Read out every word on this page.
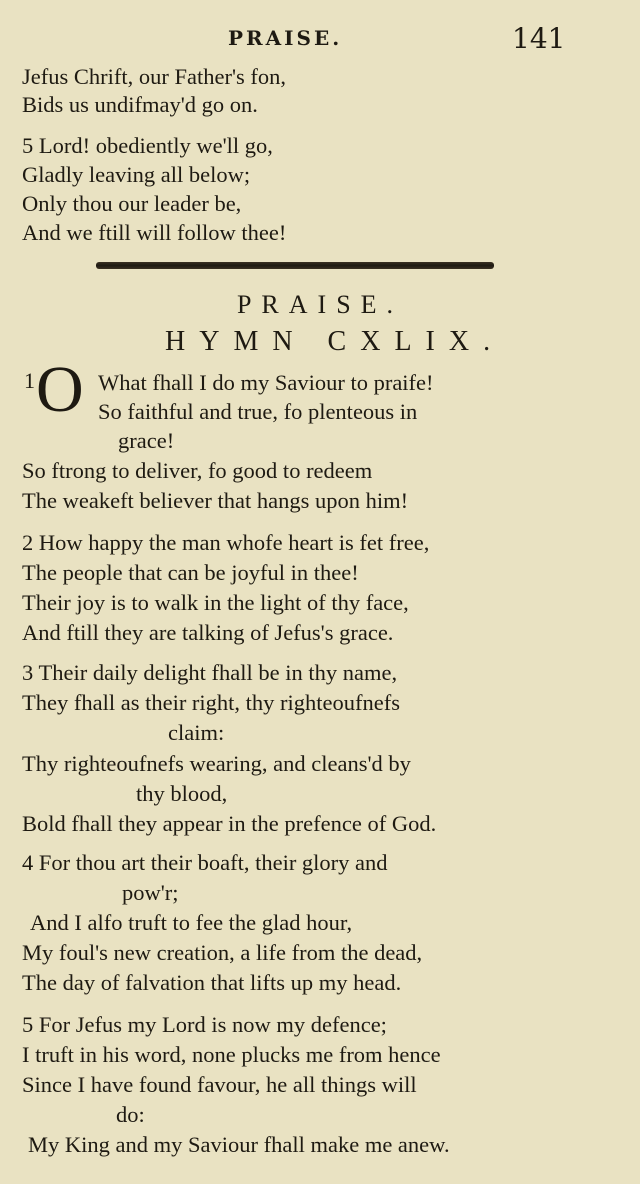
PRAISE.	141
Jefus Chrift, our Father's fon,
Bids us undifmay'd go on.
5 Lord! obediently we'll go,
Gladly leaving all below;
Only thou our leader be,
And we ftill will follow thee!
PRAISE.
HYMN CXLIX.
1 O What fhall I do my Saviour to praife!
So faithful and true, fo plenteous in
grace!
So ftrong to deliver, fo good to redeem
The weakeft believer that hangs upon him!
2 How happy the man whofe heart is fet free,
The people that can be joyful in thee!
Their joy is to walk in the light of thy face,
And ftill they are talking of Jefus's grace.
3 Their daily delight fhall be in thy name,
They fhall as their right, thy righteoufnefs
claim:
Thy righteoufnefs wearing, and cleans'd by
thy blood,
Bold fhall they appear in the prefence of God.
4 For thou art their boaft, their glory and
pow'r;
And I alfo truft to fee the glad hour,
My foul's new creation, a life from the dead,
The day of falvation that lifts up my head.
5 For Jefus my Lord is now my defence;
I truft in his word, none plucks me from hence
Since I have found favour, he all things will
do:
My King and my Saviour fhall make me anew.
